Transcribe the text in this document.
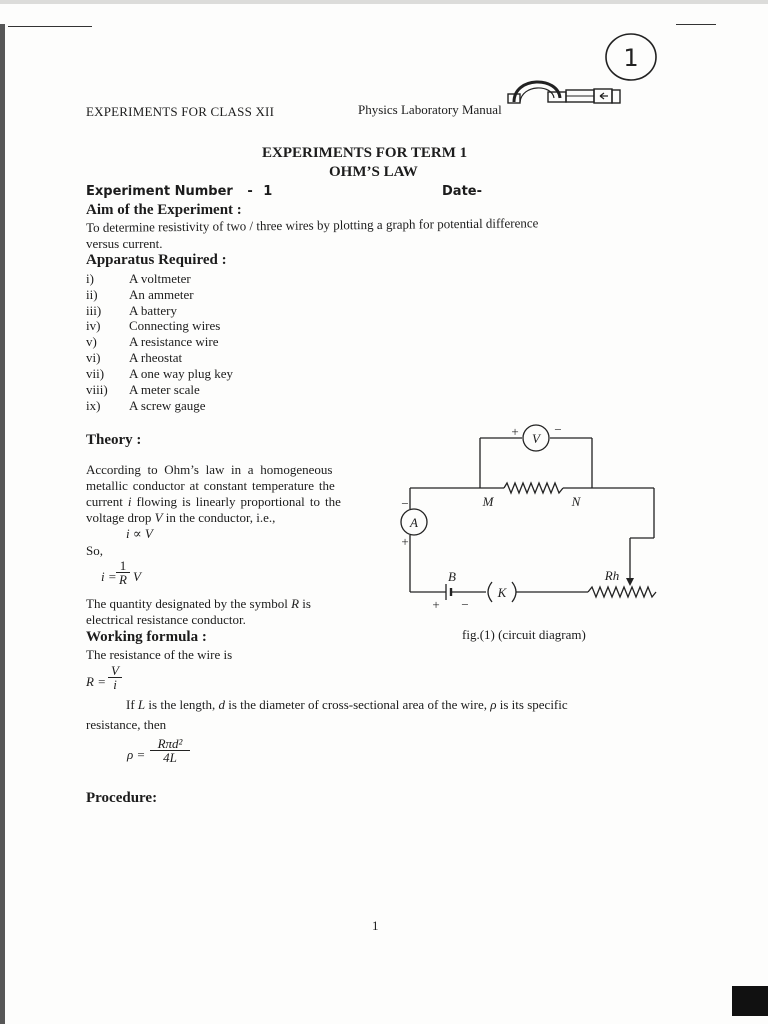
1
EXPERIMENTS FOR CLASS XII	Physics Laboratory Manual
EXPERIMENTS FOR TERM 1
OHM’S LAW
Experiment Number - 1	Date-
Aim of the Experiment :
To determine resistivity of two / three wires by plotting a graph for potential difference
versus current.
Apparatus Required :
i)	A voltmeter
ii) An ammeter
iii) A battery
iv) Connecting wires
v) A resistance wire
vi) A rheostat
vii) A one way plug key
viii) A meter scale
ix) A screw gauge
Theory :
According to Ohm’s law in a homogeneous
metallic conductor at constant temperature the
current i flowing is linearly proportional to the
voltage drop V in the conductor, i.e.,
i ∝ V
So,
$i = \frac{1}{R}$ V
The quantity designated by the symbol R is
electrical resistance conductor.
Working formula :
The resistance of the wire is
$R = \frac{V}{i}$
If L is the length, d is the diameter of cross-sectional area of the wire, ρ is its specific
resistance, then
ρ =
Rπd²
4L
Procedure:
V
+	−
A
−
+
M	N
B
K
Rh
+ −
fig.(1) (circuit diagram)
1
